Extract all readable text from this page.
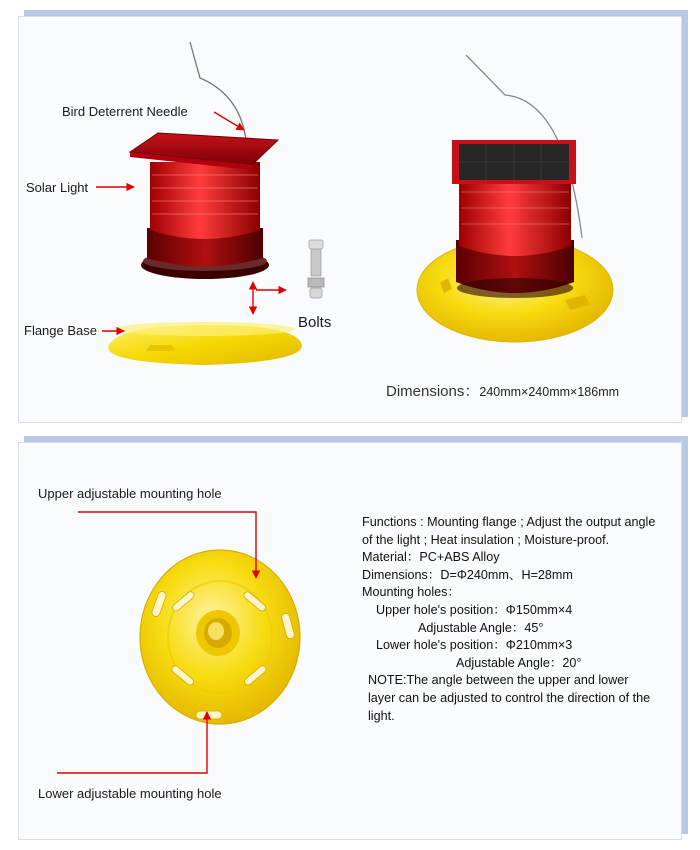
Bird Deterrent Needle
Solar Light
Flange Base	Bolts
Dimensions：240mm×240mm×186mm
Upper adjustable mounting hole
Lower adjustable mounting hole
Functions : Mounting flange ; Adjust the output angle of the light ; Heat insulation ; Moisture-proof.
Material：PC+ABS Alloy
Dimensions：D=Φ240mm、H=28mm
Mounting holes：
Upper hole's position：Φ150mm×4
Adjustable Angle：45°
Lower hole's position：Φ210mm×3
Adjustable Angle：20°
NOTE:The angle between the upper and lower layer can be adjusted to control the direction of the light.
